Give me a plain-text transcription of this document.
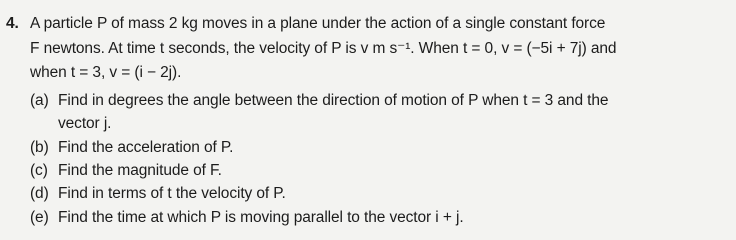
4. A particle P of mass 2 kg moves in a plane under the action of a single constant force
F newtons. At time t seconds, the velocity of P is v m s⁻¹. When t = 0, v = (−5i + 7j) and
when t = 3, v = (i − 2j).
(a) Find in degrees the angle between the direction of motion of P when t = 3 and the
vector j.
(b) Find the acceleration of P.
(c) Find the magnitude of F.
(d) Find in terms of t the velocity of P.
(e) Find the time at which P is moving parallel to the vector i + j.
